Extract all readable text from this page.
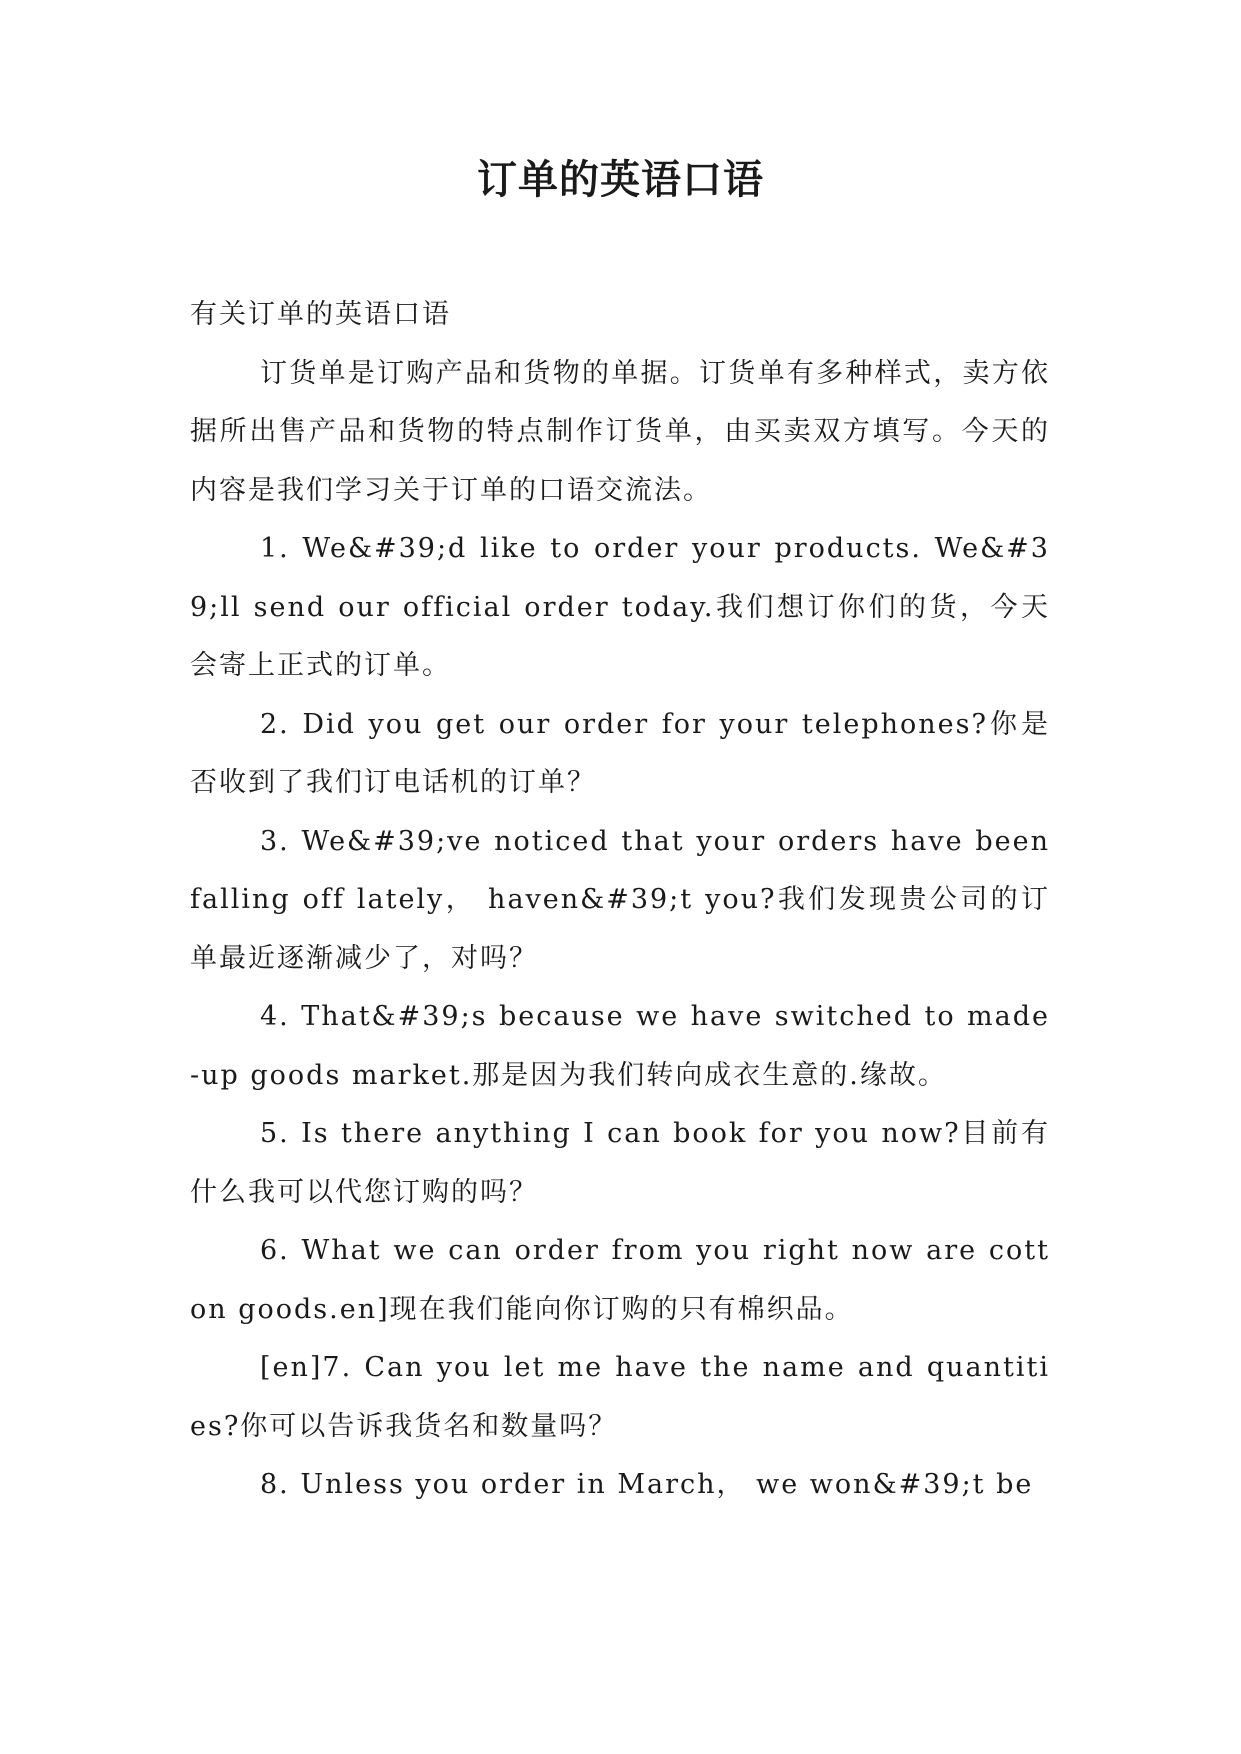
订单的英语口语

有关订单的英语口语

订货单是订购产品和货物的单据。订货单有多种样式，卖方依据所出售产品和货物的特点制作订货单，由买卖双方填写。今天的内容是我们学习关于订单的口语交流法。

1. We&#39;d like to order your products. We&#39;ll send our official order today.我们想订你们的货，今天会寄上正式的订单。

2. Did you get our order for your telephones?你是否收到了我们订电话机的订单？

3. We&#39;ve noticed that your orders have been falling off lately， haven&#39;t you?我们发现贵公司的订单最近逐渐减少了，对吗？

4. That&#39;s because we have switched to made-up goods market.那是因为我们转向成衣生意的.缘故。

5. Is there anything I can book for you now?目前有什么我可以代您订购的吗？

6. What we can order from you right now are cotton goods.en]现在我们能向你订购的只有棉织品。

[en]7. Can you let me have the name and quantities?你可以告诉我货名和数量吗？

8. Unless you order in March， we won&#39;t be
